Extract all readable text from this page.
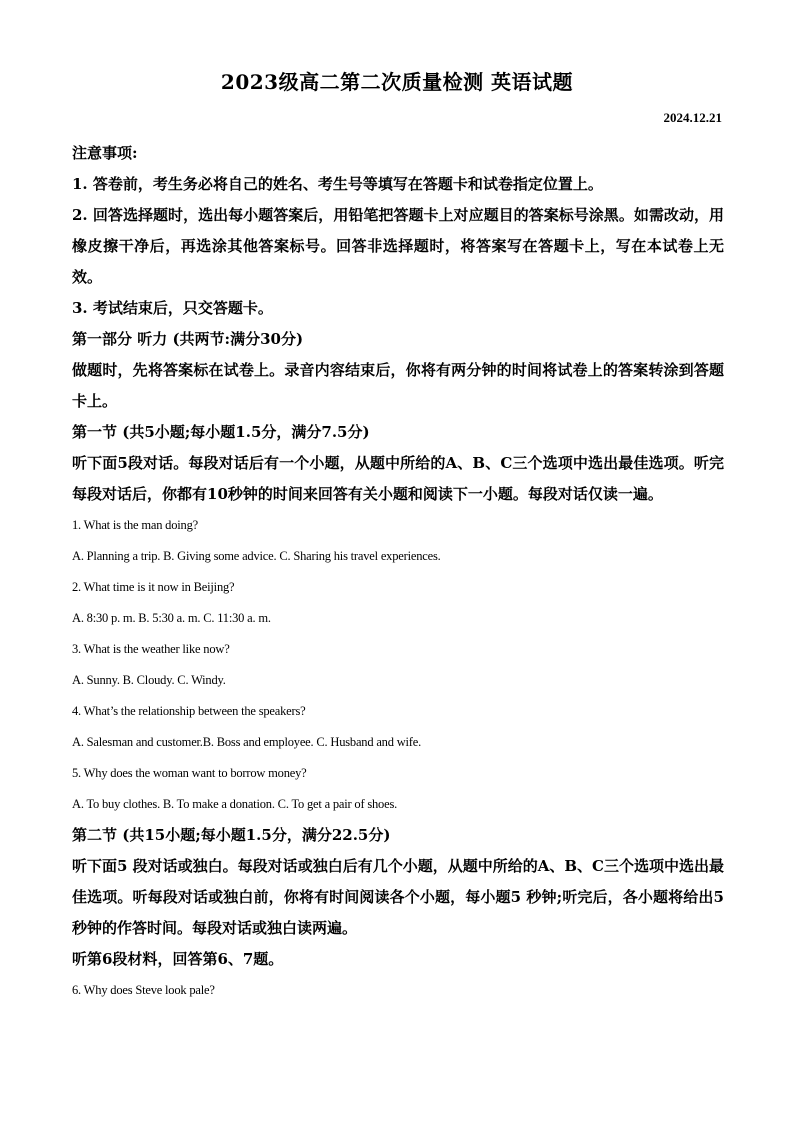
2023级高二第二次质量检测 英语试题
2024.12.21

注意事项:

1. 答卷前，考生务必将自己的姓名、考生号等填写在答题卡和试卷指定位置上。

2. 回答选择题时，选出每小题答案后，用铅笔把答题卡上对应题目的答案标号涂黑。如需改动，用橡皮擦干净后，再选涂其他答案标号。回答非选择题时，将答案写在答题卡上，写在本试卷上无效。

3. 考试结束后，只交答题卡。

第一部分 听力 (共两节:满分30分)

做题时，先将答案标在试卷上。录音内容结束后，你将有两分钟的时间将试卷上的答案转涂到答题卡上。

第一节 (共5小题;每小题1.5分，满分7.5分)

听下面5段对话。每段对话后有一个小题，从题中所给的A、B、C三个选项中选出最佳选项。听完每段对话后，你都有10秒钟的时间来回答有关小题和阅读下一小题。每段对话仅读一遍。

1. What is the man doing?

A. Planning a trip. B. Giving some advice. C. Sharing his travel experiences.

2. What time is it now in Beijing?

A. 8:30 p. m. B. 5:30 a. m. C. 11:30 a. m.

3. What is the weather like now?

A. Sunny. B. Cloudy. C. Windy.

4. What’s the relationship between the speakers?

A. Salesman and customer.B. Boss and employee. C. Husband and wife.

5. Why does the woman want to borrow money?

A. To buy clothes. B. To make a donation. C. To get a pair of shoes.

第二节 (共15小题;每小题1.5分，满分22.5分)

听下面5 段对话或独白。每段对话或独白后有几个小题，从题中所给的A、B、C三个选项中选出最佳选项。听每段对话或独白前，你将有时间阅读各个小题，每小题5 秒钟;听完后，各小题将给出5秒钟的作答时间。每段对话或独白读两遍。

听第6段材料，回答第6、7题。

6. Why does Steve look pale?
